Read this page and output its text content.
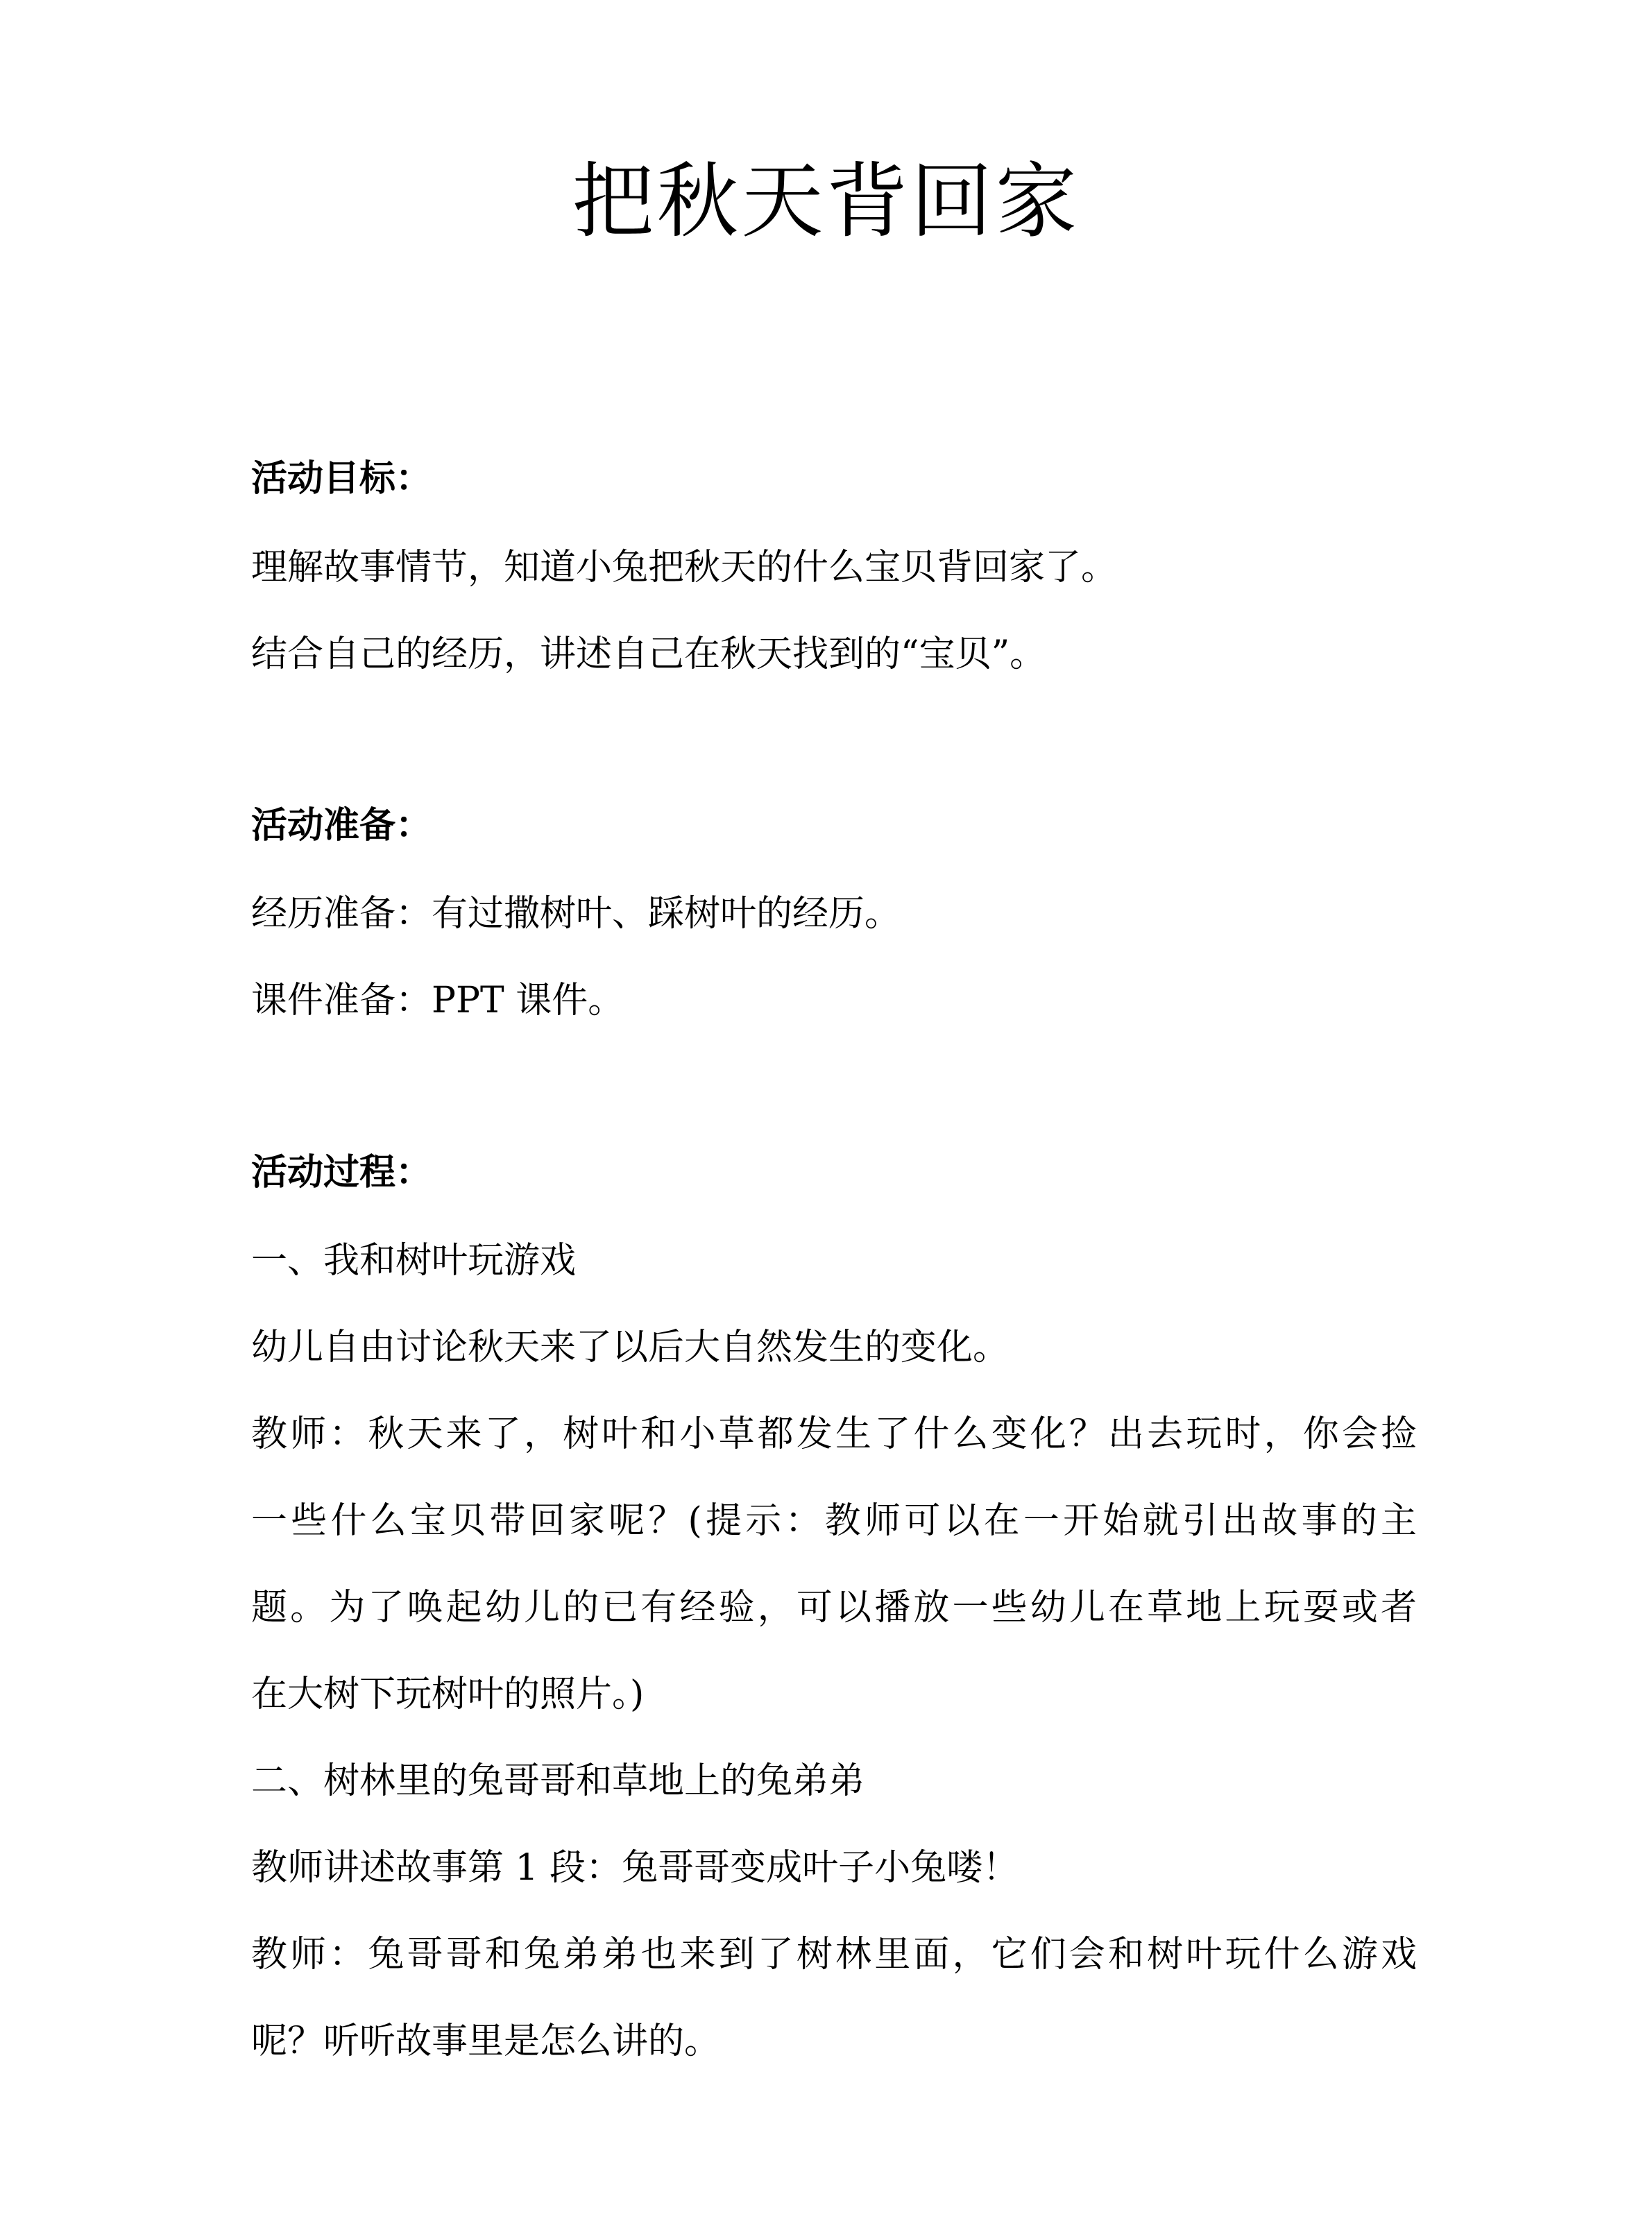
把秋天背回家

活动目标：

理解故事情节，知道小兔把秋天的什么宝贝背回家了。

结合自己的经历，讲述自己在秋天找到的“宝贝”。

活动准备：

经历准备：有过撒树叶、踩树叶的经历。

课件准备：PPT 课件。

活动过程：

一、我和树叶玩游戏

幼儿自由讨论秋天来了以后大自然发生的变化。

教师：秋天来了，树叶和小草都发生了什么变化？出去玩时，你会捡

一些什么宝贝带回家呢？(提示：教师可以在一开始就引出故事的主

题。为了唤起幼儿的已有经验，可以播放一些幼儿在草地上玩耍或者

在大树下玩树叶的照片。)

二、树林里的兔哥哥和草地上的兔弟弟

教师讲述故事第 1 段：兔哥哥变成叶子小兔喽！

教师：兔哥哥和兔弟弟也来到了树林里面，它们会和树叶玩什么游戏

呢？听听故事里是怎么讲的。
